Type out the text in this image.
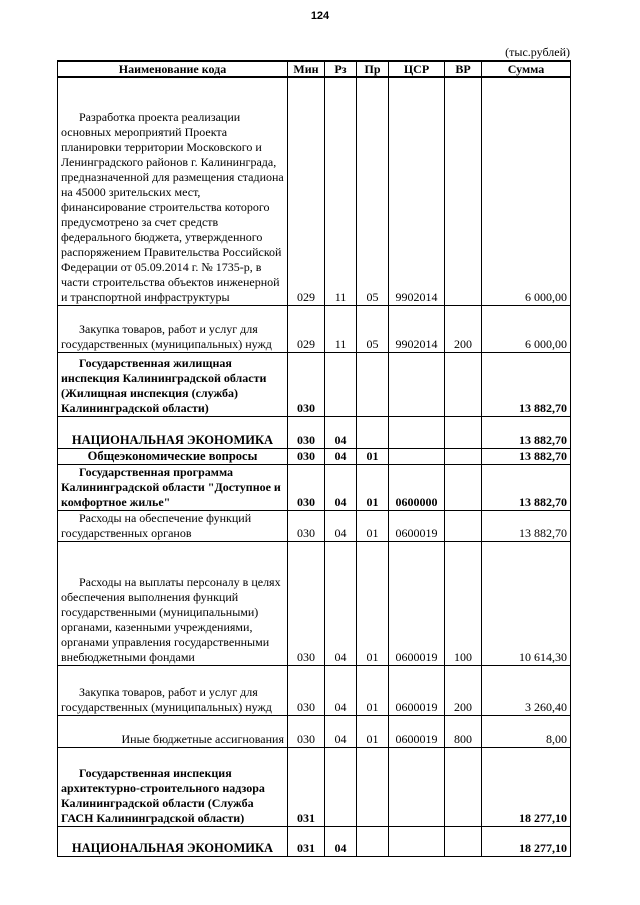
124
(тыс.рублей)
Наименование кода	Мин	Рз	Пр	ЦСР	ВР	Сумма
Разработка проекта реализации основных мероприятий Проекта планировки территории Московского и Ленинградского районов г. Калининграда, предназначенной для размещения стадиона на 45000 зрительских мест, финансирование строительства которого предусмотрено за счет средств федерального бюджета, утвержденного распоряжением Правительства Российской Федерации от 05.09.2014 г. № 1735-р, в части строительства объектов инженерной и транспортной инфраструктуры	029	11	05	9902014		6 000,00
Закупка товаров, работ и услуг для государственных (муниципальных) нужд	029	11	05	9902014	200	6 000,00
Государственная жилищная инспекция Калининградской области (Жилищная инспекция (служба) Калининградской области)	030					13 882,70
НАЦИОНАЛЬНАЯ ЭКОНОМИКА	030	04				13 882,70
Общеэкономические вопросы	030	04	01			13 882,70
Государственная программа Калининградской области "Доступное и комфортное жилье"	030	04	01	0600000		13 882,70
Расходы на обеспечение функций государственных органов	030	04	01	0600019		13 882,70
Расходы на выплаты персоналу в целях обеспечения выполнения функций государственными (муниципальными) органами, казенными учреждениями, органами управления государственными внебюджетными фондами	030	04	01	0600019	100	10 614,30
Закупка товаров, работ и услуг для государственных (муниципальных) нужд	030	04	01	0600019	200	3 260,40
Иные бюджетные ассигнования	030	04	01	0600019	800	8,00
Государственная инспекция архитектурно-строительного надзора Калининградской области (Служба ГАСН Калининградской области)	031					18 277,10
НАЦИОНАЛЬНАЯ ЭКОНОМИКА	031	04				18 277,10
